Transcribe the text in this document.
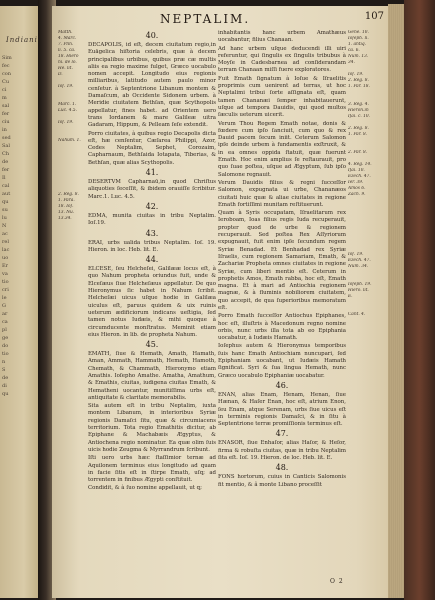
Indiani
Sim
fec
con
Cu
ci
m
sal
fer
ciu
in
sed
Sal
Ch
de
fer
Il
cal
aut
qu
su
lu
N
ac
rel
lac
uo
Er
va
tio
cri
le
G
ar
ca
pl
ge
do
tio
n
S
de
di
qu
NEPTALIM.	107
Matth.
4. Marc.
7. Plin.
li. 5. ca.
18. Hiero
ni. de lo.
He. lit.
D.

Ioſ. 19.

Marc. 1.
Luc. 4.5.

Ioſ. 19.

Nahum. 1.

2. Reg. 8.
1. Para.
18. Ioſ.
13. Nu.
13.34.
40.
DECAPOLIS, id eſt, decem ciuitatum regio,in Euāgelica hiſtoria celebris, quæ à decem principalibus urbibus, quibus præ cæ multis aliis ea regio maxime fulget, Græco uocabulo nomen accepit. Longitudo eius regionis milliaribus, latitudo autem paulo minor cenſetur. à Septentrione Libanum montem & Damaſcum, ab Occidente Sidonem urbem. à Meridie ciuitatem Bethſan, quæ Scythopolis appellatur, fines habet. ad Orientem uero trans Iordanem & mare Galileæ uitra Gadaram, Hippum, & Pelleam ſeſe extendit.
Porro ciuitates, à quibus regio Decapolis dicta eſt, hæ cenſentur, Cæſarea Philippi, Azor, Cedes Neptalim, Sephet, Corozaim, Capharnaum, Bethſaida Iotapata, Tiberias, & Bethſan, quæ alias Scythopolis.
41.
DESERTVM Capharnaū,in quod Chriſtus aliquoties ſeceſſit, & ibidem orauiſſe ſcribitur. Marc.1. Luc. 4.5.
42.
EDMA, munita ciuitas in tribu Neptalim. Ioſ.19.
43.
ERAI, urbs ualida tribus Neptalim. Ioſ. 19. Hieron. in loc. Heb. lit. E.
44.
ELCESE, ſeu Helcheſei, Galilææ locus eſt, à quo Nahum propheta oriundus fuit, unde & Elceſæus ſiue Helcheſæus appellatur. De quo Hieronymus ſic habet in Nahum ſcribit. Helcheſæi uicus uſque hodie in Galilæa uiculus eſt, paruus quidem & uix ruinis ueterum ædificiorum indicans ueſtigia, ſed tamen notus Iudæis, & mihi quoque à circumducente monſtratus. Meminit etiam eius Hieron. in lib. de propheta Nahum.
45.
EMATH, ſiue & Hemath, Amath, Hamath, Aman, Ammath, Hammath, Hemath, Hamoth, Chemath, & Chammath, Hieronymo etiam Amathis. Ioſepho Amathe. Amatha, Amathum, & Emathis, ciuitas, iudigena ciuitas Emath, & Hematheni uocantur, munitiſſima urbs eſt, antiquitate & claritate memorabilis.
Sita autem eſt in tribu Neptalim, iuxta montem Libanum, in interioribus Syriæ regionis Damaſci ſitu, quæ & circumiacens territorium. Tota regio Emathitis dicitur, ab Epiphane & Machabæis Ægyptus, & Antiochena regio nominatur. Ea quæ olim ſuis uicis hodie Zeugma & Myrrandrum ſcribunt.
Iſti uero urbs hæc ſtaſſimior ternæ ad Aquilonem terminus eius longitudo ad quam in facie ſitis eſt in ſtirpe Emath, uſq; ad torrentem in finibus Ægypti conſtituit.
Condidit, & à ſuo nomine appellauit, ut q;
inhabitantis hanc urbem Amathæus uocabantur, filius Chanaan.
Ad hanc urbem uſque deducendi illi uiri referuntur, qui ſingulis ex ſingulis tribubus à Moyſe in Cadesbarnea ad conſiderandam terram Chanaan miſſi fuere exploratores.
Fuit Emath ſignatum à Ioſue & Iſraelitis proprimis cum uenirent ad terras, ut hoc Neptalimi tribui ſorte aſſignata eſt, quam tamen Chananæi ſemper inhabitauerunt, uſque ad tempora Dauidis, qui quod multos ſæculis ueterum uicerit.
Verum Thou Regem Emath notae, donis & fœdere cum ipſo ſanciuit, cum quo & rex Dauid pacem ſecum iniit. Ceterum Salomon ipſe deinde urbem à fundamentis exſtruxit, & in ea omnes oppida ſtatuit, quæ fuerunt Emath. Hoc enim amplius ſe reſtaurauit, pro quo ſuae poſtea, uſque ad Ægyptum, ſub ipſo Salomone regnauit.
Verum Dauidis filius & regni ſucceſſor Salomon, expugnata ui urbe, Chananæos ciuitati huic quæ & aliae ciuitates in regione Emath fortiſſimi munitam reſtituerunt.
Quam à Syris occupatam, Iſraelitarum rex Ieroboam, Ioas filius regis Iuda recuperauit, propter quod de urbe & regionem recuperauit. Sed poſtea Rex Aſſyriorum expugnauit, fuit enim ipſe ſecundum regem Syriæ Benadad. Et Benhadad rex Syriæ Iſraelis, cum regionem Samariam, Emath, & Zachariæ Propheta omnes ciuitates in regione Syriæ, cum liberi mentio eſt. Ceterum in prophetis Amos, Emath rabba, hoc eſt, Emath magna. Et à mari ad Antiochia regionem magnæ, & à fluminis nobiliorem ciuitatem, quo accepit, de qua ſuperioribus memoratum eſt.
Porro Emath ſucceſſor Antiochus Epiphanes, hoc eſt, illuſtris à Macedonum regno nomine orbis, nunc urbs illa tota ab eo Epiphania uocabatur, à Iudæis Hamath.
Ioſephus autem & Hieronymus temporibus ſuis hanc Emath Antiochiam nuncupari, ſed Epiphaniam uocabant, ut Iudæis Hamath ſignificat. Syri & ſua lingua Hemath, nunc Græco uocabulo Epiphaniæ uocabatur.
46.
ENAN, alias Enam, Henam, Henan, ſiue Hænan, & Haſer Enan, hoc eſt, atrium Enon, ſeu Enam, atque Serenam, urbs ſiue uicus eſt in terminis regionis Damaſci, & in ſitu à Septentrione terræ promiſſionis terminus eſt.
47.
ENASOR, ſiue Enhaſor, alias Haſor, & Heſor, firma & robuſta ciuitas, quæ in tribu Neptalim ſita eſt. Ioſ. 19. Hieron. de loc. Heb. lit. E.
48.
FONS hortorum, cuius in Canticis Salomonis fit mentio, & â monte Libano proceſſit
Gene. 10.
Ioſeph. li.
1. antiq.
ca. 6.
Num. 13.
34.

Ioſ. 19.
2. Reg. 8.
1. Par. 18.

3. Reg. 4.
Hieron.in
Iſai. c. 10.

2. Reg. 8.
1. Par. 8.

2. Par. 8.

4. Reg. 14.
Iſai. 10.
Ezech. 47.
Ier. 39.
Amos 6.
Zach. 9.

Ioſ. 19.
Ezech. 47.
Num. 34.

Ioſeph. 19.
Hiero. lit.
E.

Cant. 4.
O 2
